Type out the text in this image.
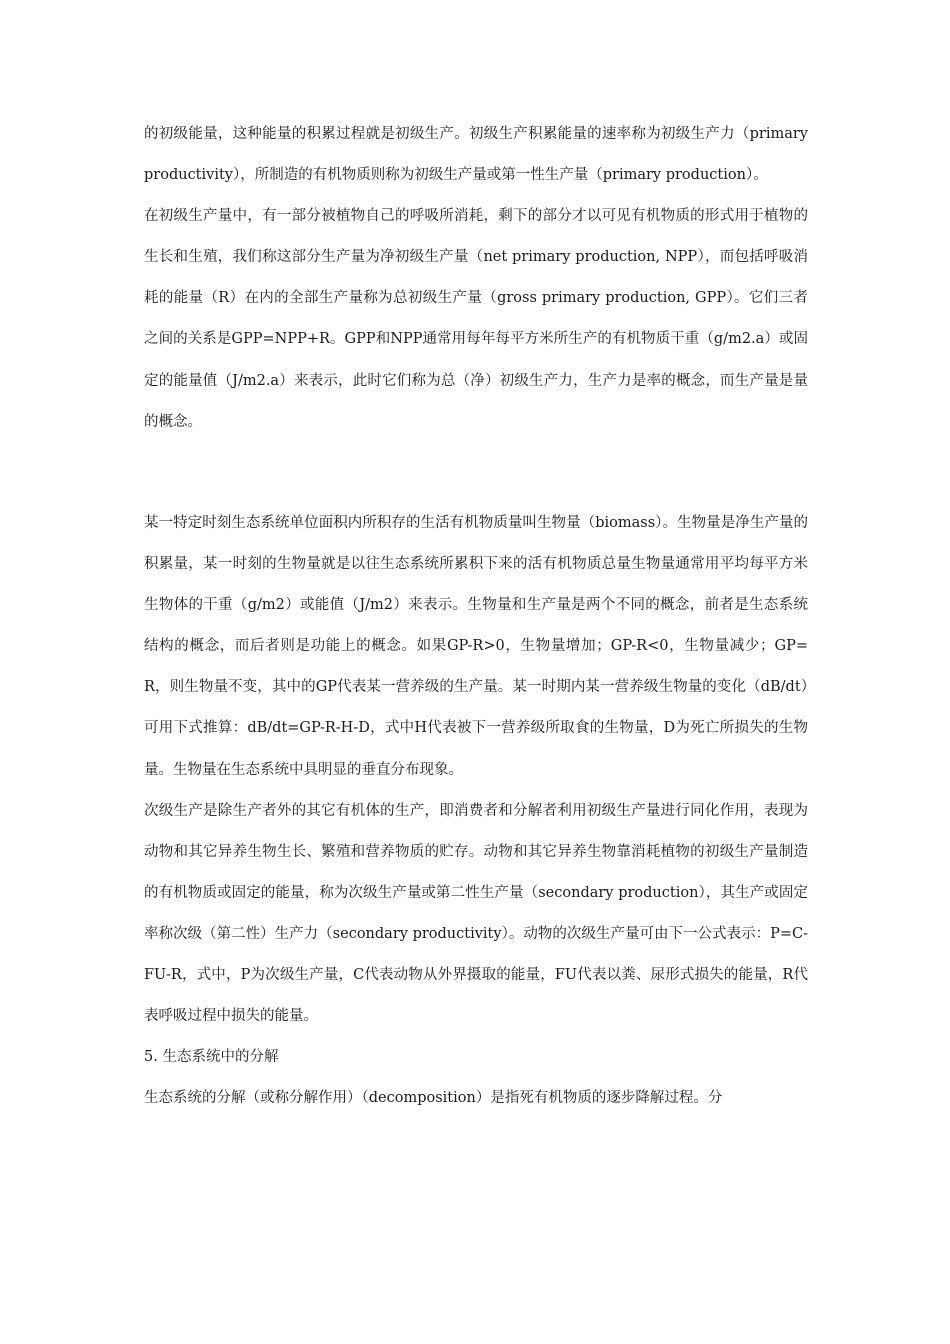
的初级能量，这种能量的积累过程就是初级生产。初级生产积累能量的速率称为初级生产力（primary productivity），所制造的有机物质则称为初级生产量或第一性生产量（primary production）。

在初级生产量中，有一部分被植物自己的呼吸所消耗，剩下的部分才以可见有机物质的形式用于植物的生长和生殖，我们称这部分生产量为净初级生产量（net primary production, NPP），而包括呼吸消耗的能量（R）在内的全部生产量称为总初级生产量（gross primary production, GPP）。它们三者之间的关系是GPP=NPP+R。GPP和NPP通常用每年每平方米所生产的有机物质干重（g/m2.a）或固定的能量值（J/m2.a）来表示，此时它们称为总（净）初级生产力，生产力是率的概念，而生产量是量的概念。

某一特定时刻生态系统单位面积内所积存的生活有机物质量叫生物量（biomass）。生物量是净生产量的积累量，某一时刻的生物量就是以往生态系统所累积下来的活有机物质总量生物量通常用平均每平方米生物体的干重（g/m2）或能值（J/m2）来表示。生物量和生产量是两个不同的概念，前者是生态系统结构的概念，而后者则是功能上的概念。如果GP-R>0，生物量增加；GP-R<0，生物量减少；GP=R，则生物量不变，其中的GP代表某一营养级的生产量。某一时期内某一营养级生物量的变化（dB/dt）可用下式推算：dB/dt=GP-R-H-D，式中H代表被下一营养级所取食的生物量，D为死亡所损失的生物量。生物量在生态系统中具明显的垂直分布现象。

次级生产是除生产者外的其它有机体的生产，即消费者和分解者利用初级生产量进行同化作用，表现为动物和其它异养生物生长、繁殖和营养物质的贮存。动物和其它异养生物靠消耗植物的初级生产量制造的有机物质或固定的能量，称为次级生产量或第二性生产量（secondary production），其生产或固定率称次级（第二性）生产力（secondary productivity）。动物的次级生产量可由下一公式表示：P=C-FU-R，式中，P为次级生产量，C代表动物从外界摄取的能量，FU代表以粪、尿形式损失的能量，R代表呼吸过程中损失的能量。

5. 生态系统中的分解

生态系统的分解（或称分解作用）（decomposition）是指死有机物质的逐步降解过程。分
